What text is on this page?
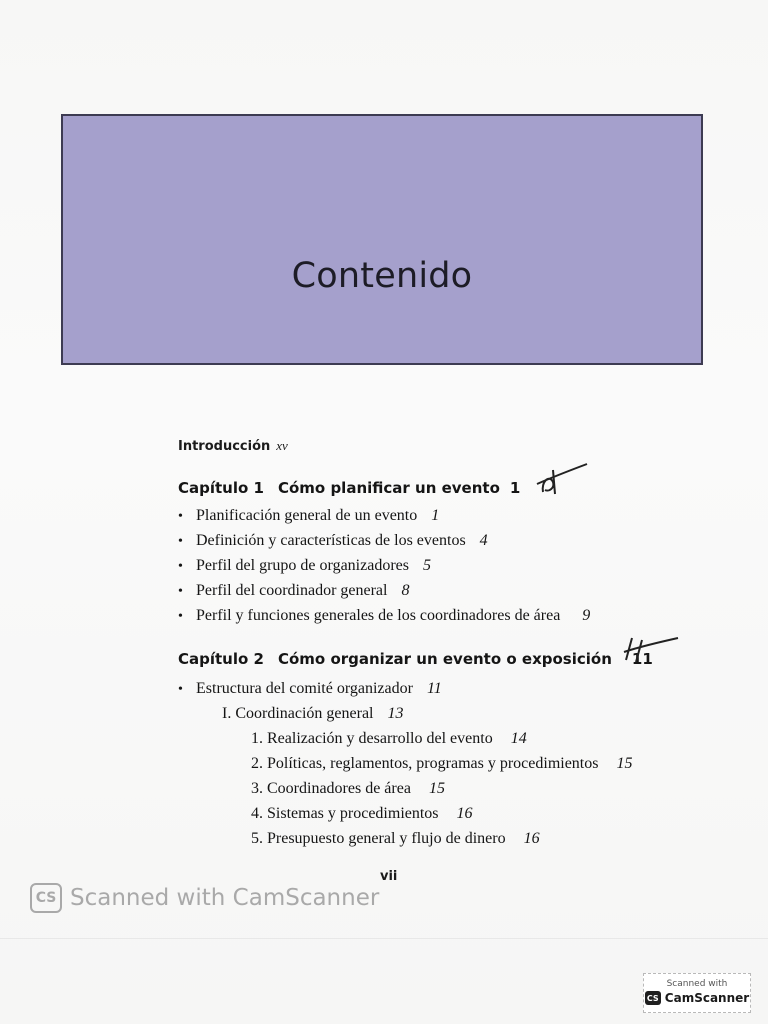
Contenido
Introducción xv
Capítulo 1 Cómo planificar un evento 1
• Planificación general de un evento 1
• Definición y características de los eventos 4
• Perfil del grupo de organizadores 5
• Perfil del coordinador general 8
• Perfil y funciones generales de los coordinadores de área 9
Capítulo 2 Cómo organizar un evento o exposición 11
• Estructura del comité organizador 11
I. Coordinación general 13
1. Realización y desarrollo del evento 14
2. Políticas, reglamentos, programas y procedimientos 15
3. Coordinadores de área 15
4. Sistemas y procedimientos 16
5. Presupuesto general y flujo de dinero 16
vii
CS Scanned with CamScanner
Scanned with
CS CamScanner
